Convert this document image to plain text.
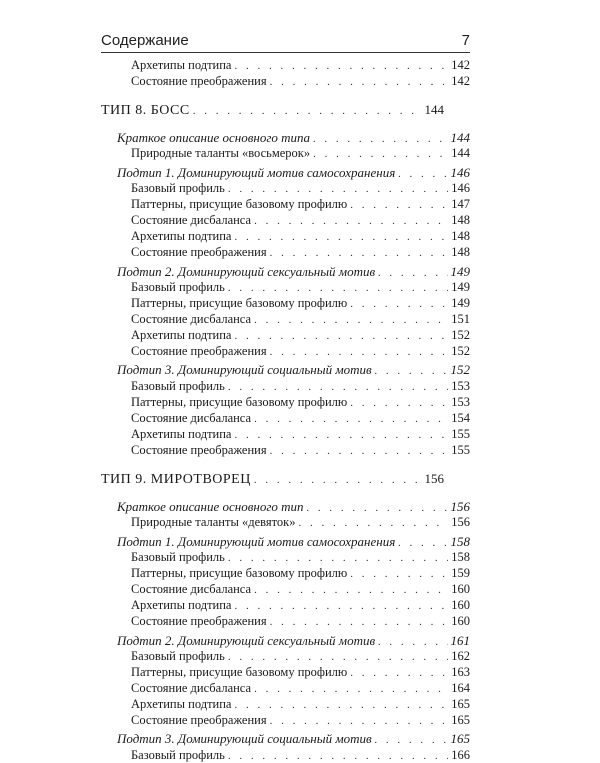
Содержание	7
Архетипы подтипа . . .	142
Состояние преображения . . .	142
ТИП 8. БОСС . . .	144
Краткое описание основного типа . . .	144
Природные таланты «восьмерок» . . .	144
Подтип 1. Доминирующий мотив самосохранения . . .	146
Базовый профиль . . .	146
Паттерны, присущие базовому профилю . . .	147
Состояние дисбаланса . . .	148
Архетипы подтипа . . .	148
Состояние преображения . . .	148
Подтип 2. Доминирующий сексуальный мотив . . .	149
Базовый профиль . . .	149
Паттерны, присущие базовому профилю . . .	149
Состояние дисбаланса . . .	151
Архетипы подтипа . . .	152
Состояние преображения . . .	152
Подтип 3. Доминирующий социальный мотив . . .	152
Базовый профиль . . .	153
Паттерны, присущие базовому профилю . . .	153
Состояние дисбаланса . . .	154
Архетипы подтипа . . .	155
Состояние преображения . . .	155
ТИП 9. МИРОТВОРЕЦ . . .	156
Краткое описание основного тип . . .	156
Природные таланты «девяток» . . .	156
Подтип 1. Доминирующий мотив самосохранения . . .	158
Базовый профиль . . .	158
Паттерны, присущие базовому профилю . . .	159
Состояние дисбаланса . . .	160
Архетипы подтипа . . .	160
Состояние преображения . . .	160
Подтип 2. Доминирующий сексуальный мотив . . .	161
Базовый профиль . . .	162
Паттерны, присущие базовому профилю . . .	163
Состояние дисбаланса . . .	164
Архетипы подтипа . . .	165
Состояние преображения . . .	165
Подтип 3. Доминирующий социальный мотив . . .	165
Базовый профиль . . .	166
